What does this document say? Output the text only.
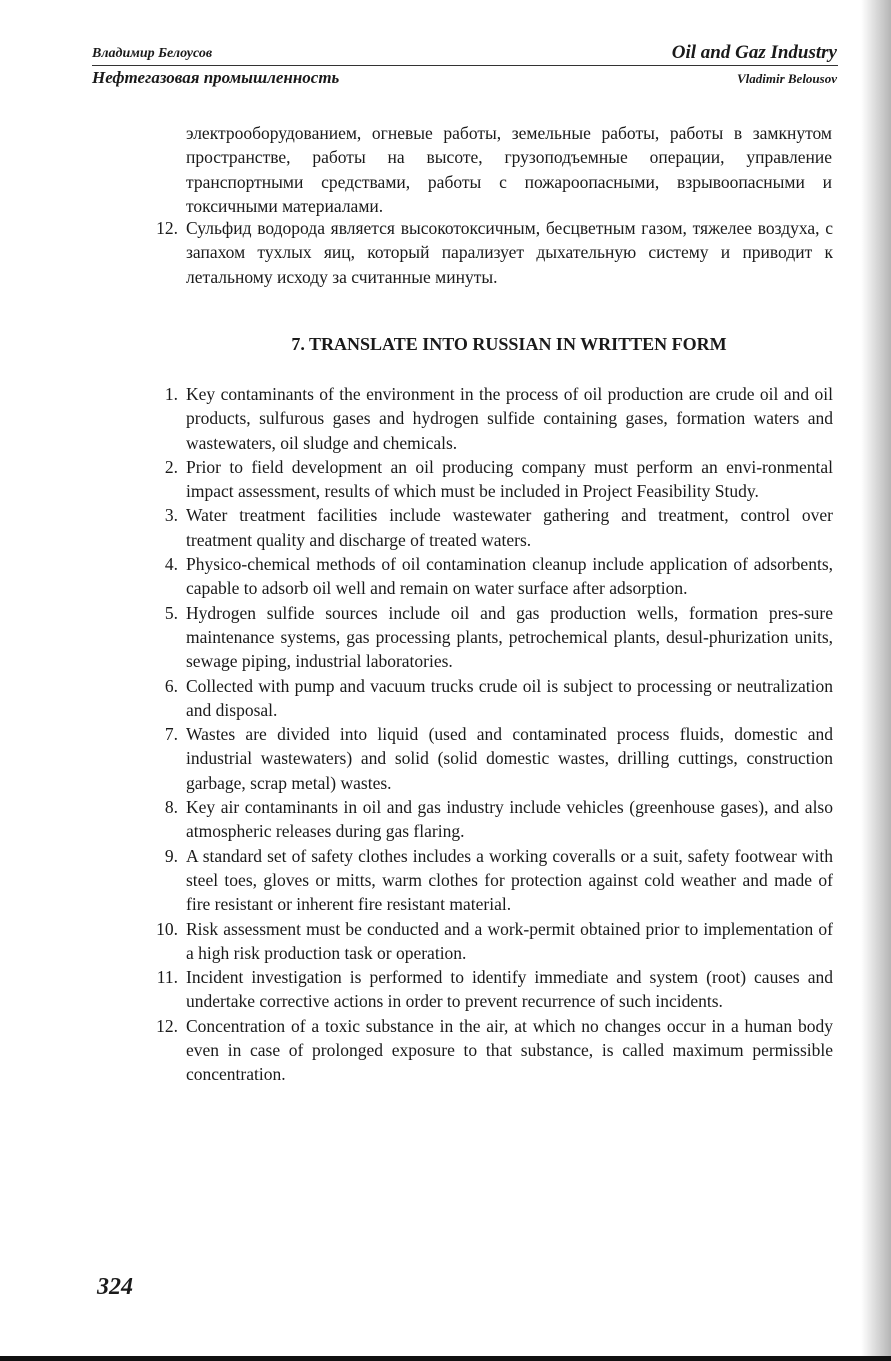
Владимир Белоусов	Oil and Gaz Industry
Нефтегазовая промышленность	Vladimir Belousov
электрооборудованием, огневые работы, земельные работы, работы в замкнутом пространстве, работы на высоте, грузоподъемные операции, управление транспортными средствами, работы с пожароопасными, взрывоопасными и токсичными материалами.
12. Сульфид водорода является высокотоксичным, бесцветным газом, тяжелее воздуха, с запахом тухлых яиц, который парализует дыхательную систему и приводит к летальному исходу за считанные минуты.
7. TRANSLATE INTO RUSSIAN IN WRITTEN FORM
1. Key contaminants of the environment in the process of oil production are crude oil and oil products, sulfurous gases and hydrogen sulfide containing gases, formation waters and wastewaters, oil sludge and chemicals.
2. Prior to field development an oil producing company must perform an envi-ronmental impact assessment, results of which must be included in Project Feasibility Study.
3. Water treatment facilities include wastewater gathering and treatment, control over treatment quality and discharge of treated waters.
4. Physico-chemical methods of oil contamination cleanup include application of adsorbents, capable to adsorb oil well and remain on water surface after adsorption.
5. Hydrogen sulfide sources include oil and gas production wells, formation pres-sure maintenance systems, gas processing plants, petrochemical plants, desul-phurization units, sewage piping, industrial laboratories.
6. Collected with pump and vacuum trucks crude oil is subject to processing or neutralization and disposal.
7. Wastes are divided into liquid (used and contaminated process fluids, domestic and industrial wastewaters) and solid (solid domestic wastes, drilling cuttings, construction garbage, scrap metal) wastes.
8. Key air contaminants in oil and gas industry include vehicles (greenhouse gases), and also atmospheric releases during gas flaring.
9. A standard set of safety clothes includes a working coveralls or a suit, safety footwear with steel toes, gloves or mitts, warm clothes for protection against cold weather and made of fire resistant or inherent fire resistant material.
10. Risk assessment must be conducted and a work-permit obtained prior to implementation of a high risk production task or operation.
11. Incident investigation is performed to identify immediate and system (root) causes and undertake corrective actions in order to prevent recurrence of such incidents.
12. Concentration of a toxic substance in the air, at which no changes occur in a human body even in case of prolonged exposure to that substance, is called maximum permissible concentration.
324
